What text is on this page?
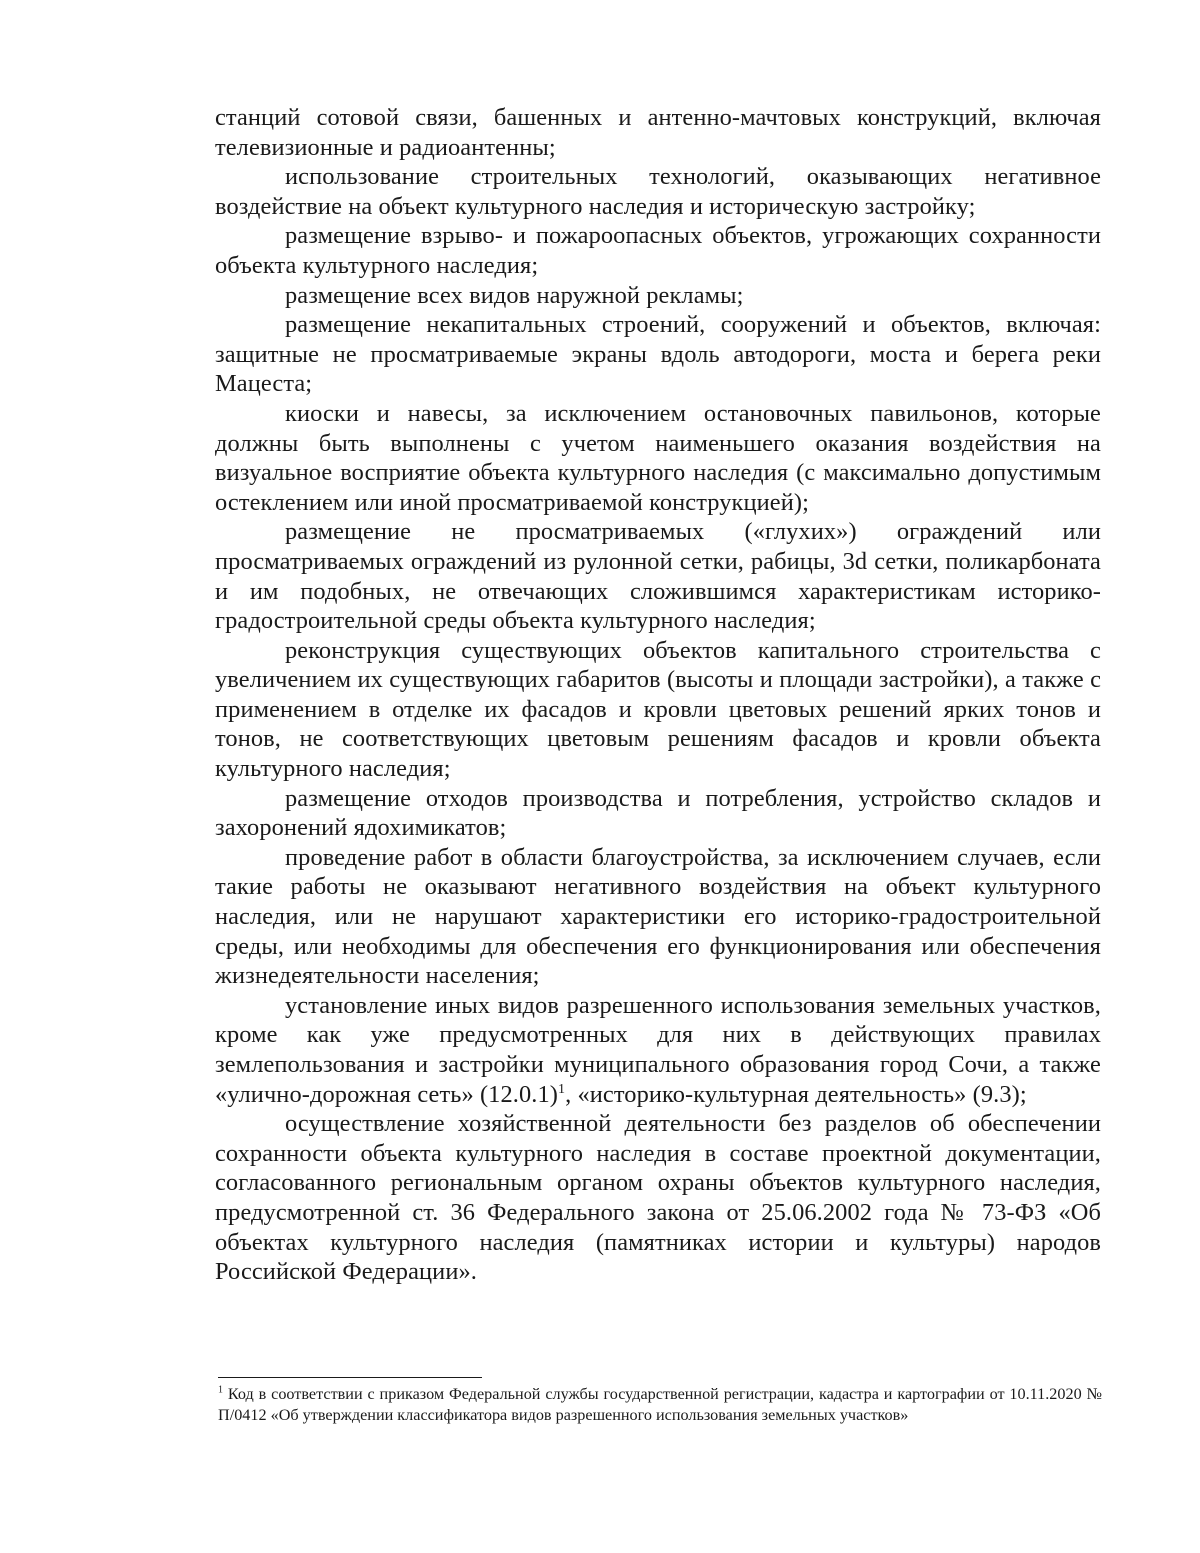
станций сотовой связи, башенных и антенно-мачтовых конструкций, включая телевизионные и радиоантенны;

использование строительных технологий, оказывающих негативное воздействие на объект культурного наследия и историческую застройку;

размещение взрыво- и пожароопасных объектов, угрожающих сохранности объекта культурного наследия;

размещение всех видов наружной рекламы;

размещение некапитальных строений, сооружений и объектов, включая: защитные не просматриваемые экраны вдоль автодороги, моста и берега реки Мацеста;

киоски и навесы, за исключением остановочных павильонов, которые должны быть выполнены с учетом наименьшего оказания воздействия на визуальное восприятие объекта культурного наследия (с максимально допустимым остеклением или иной просматриваемой конструкцией);

размещение не просматриваемых («глухих») ограждений или просматриваемых ограждений из рулонной сетки, рабицы, 3d сетки, поликарбоната и им подобных, не отвечающих сложившимся характеристикам историко-градостроительной среды объекта культурного наследия;

реконструкция существующих объектов капитального строительства с увеличением их существующих габаритов (высоты и площади застройки), а также с применением в отделке их фасадов и кровли цветовых решений ярких тонов и тонов, не соответствующих цветовым решениям фасадов и кровли объекта культурного наследия;

размещение отходов производства и потребления, устройство складов и захоронений ядохимикатов;

проведение работ в области благоустройства, за исключением случаев, если такие работы не оказывают негативного воздействия на объект культурного наследия, или не нарушают характеристики его историко-градостроительной среды, или необходимы для обеспечения его функционирования или обеспечения жизнедеятельности населения;

установление иных видов разрешенного использования земельных участков, кроме как уже предусмотренных для них в действующих правилах землепользования и застройки муниципального образования город Сочи, а также «улично-дорожная сеть» $(12.0.1)^1$, «историко-культурная деятельность» (9.3);

осуществление хозяйственной деятельности без разделов об обеспечении сохранности объекта культурного наследия в составе проектной документации, согласованного региональным органом охраны объектов культурного наследия, предусмотренной ст. 36 Федерального закона от 25.06.2002 года № 73-ФЗ «Об объектах культурного наследия (памятниках истории и культуры) народов Российской Федерации».

$^1$ Код в соответствии с приказом Федеральной службы государственной регистрации, кадастра и картографии от 10.11.2020 № П/0412 «Об утверждении классификатора видов разрешенного использования земельных участков»
